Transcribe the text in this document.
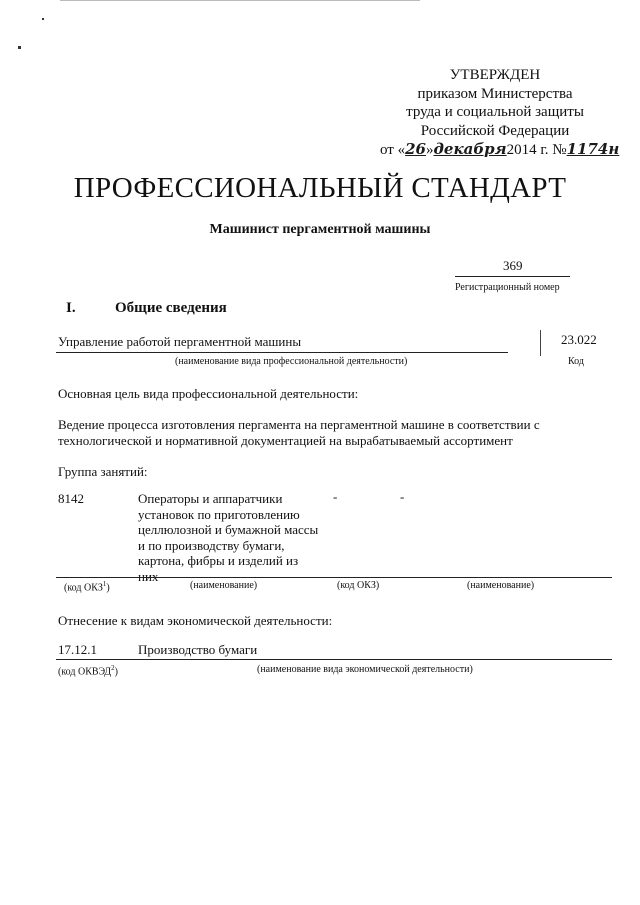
УТВЕРЖДЕН
приказом Министерства
труда и социальной защиты
Российской Федерации
от «26»декабря2014 г. №1174н
ПРОФЕССИОНАЛЬНЫЙ СТАНДАРТ
Машинист пергаментной машины
369
Регистрационный номер
I.	Общие сведения
Управление работой пергаментной машины
(наименование вида профессиональной деятельности)
23.022
Код
Основная цель вида профессиональной деятельности:
Ведение процесса изготовления пергамента на пергаментной машине в соответствии с
технологической и нормативной документацией на вырабатываемый ассортимент
Группа занятий:
8142	Операторы и аппаратчики
установок по приготовлению
целлюлозной и бумажной массы
и по производству бумаги,
картона, фибры и изделий из
них
-	-
(код ОКЗ$^1$)	(наименование)	(код ОКЗ)	(наименование)
Отнесение к видам экономической деятельности:
17.12.1	Производство бумаги
(код ОКВЭД$^2$)	(наименование вида экономической деятельности)
